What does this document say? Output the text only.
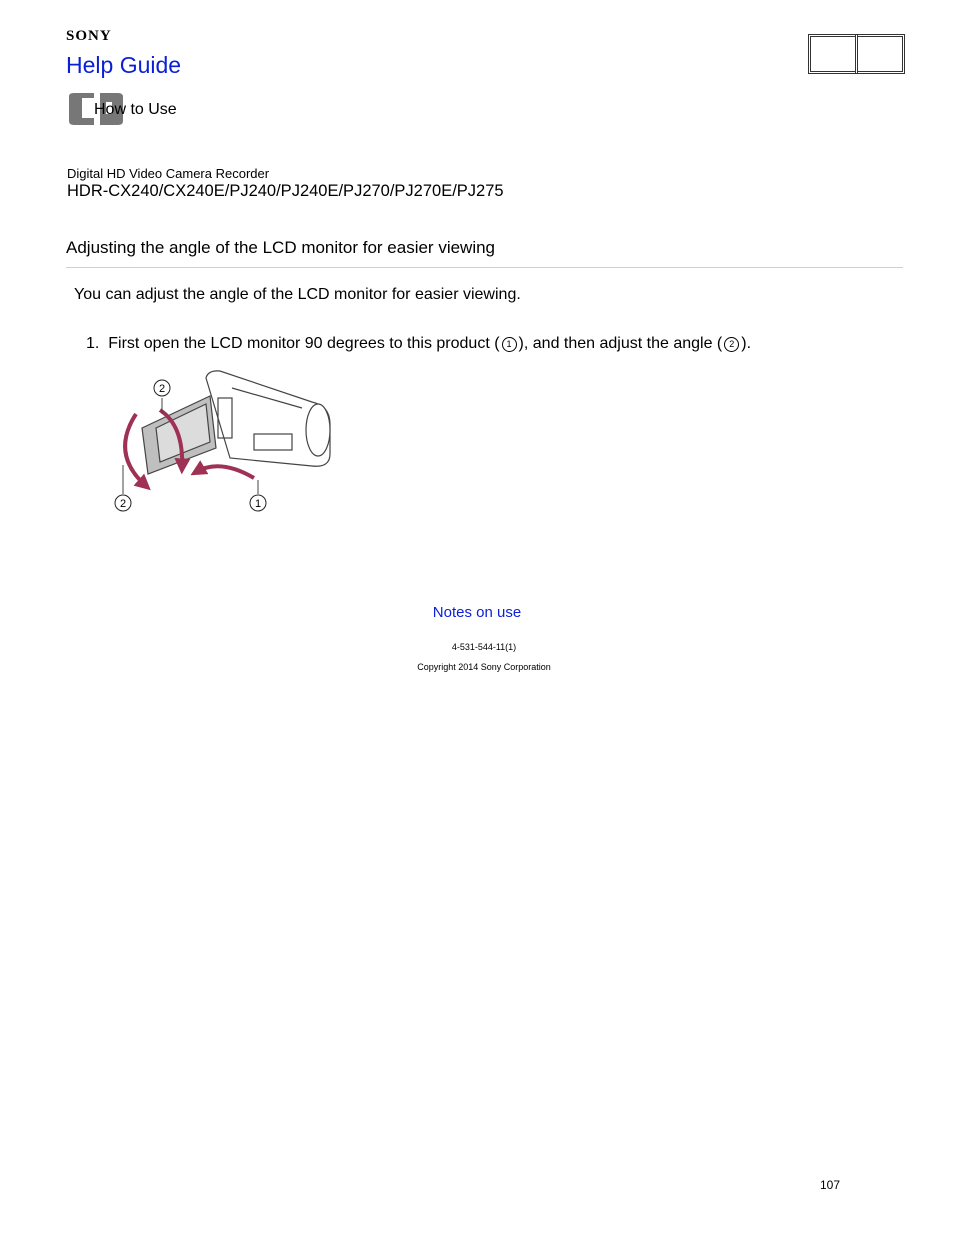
SONY
Help Guide
How to Use
Digital HD Video Camera Recorder
HDR-CX240/CX240E/PJ240/PJ240E/PJ270/PJ270E/PJ275
Adjusting the angle of the LCD monitor for easier viewing
You can adjust the angle of the LCD monitor for easier viewing.
1. First open the LCD monitor 90 degrees to this product ( 1 ), and then adjust the angle ( 2 ).
2
2	1
Notes on use
4-531-544-11(1)
Copyright 2014 Sony Corporation
107
